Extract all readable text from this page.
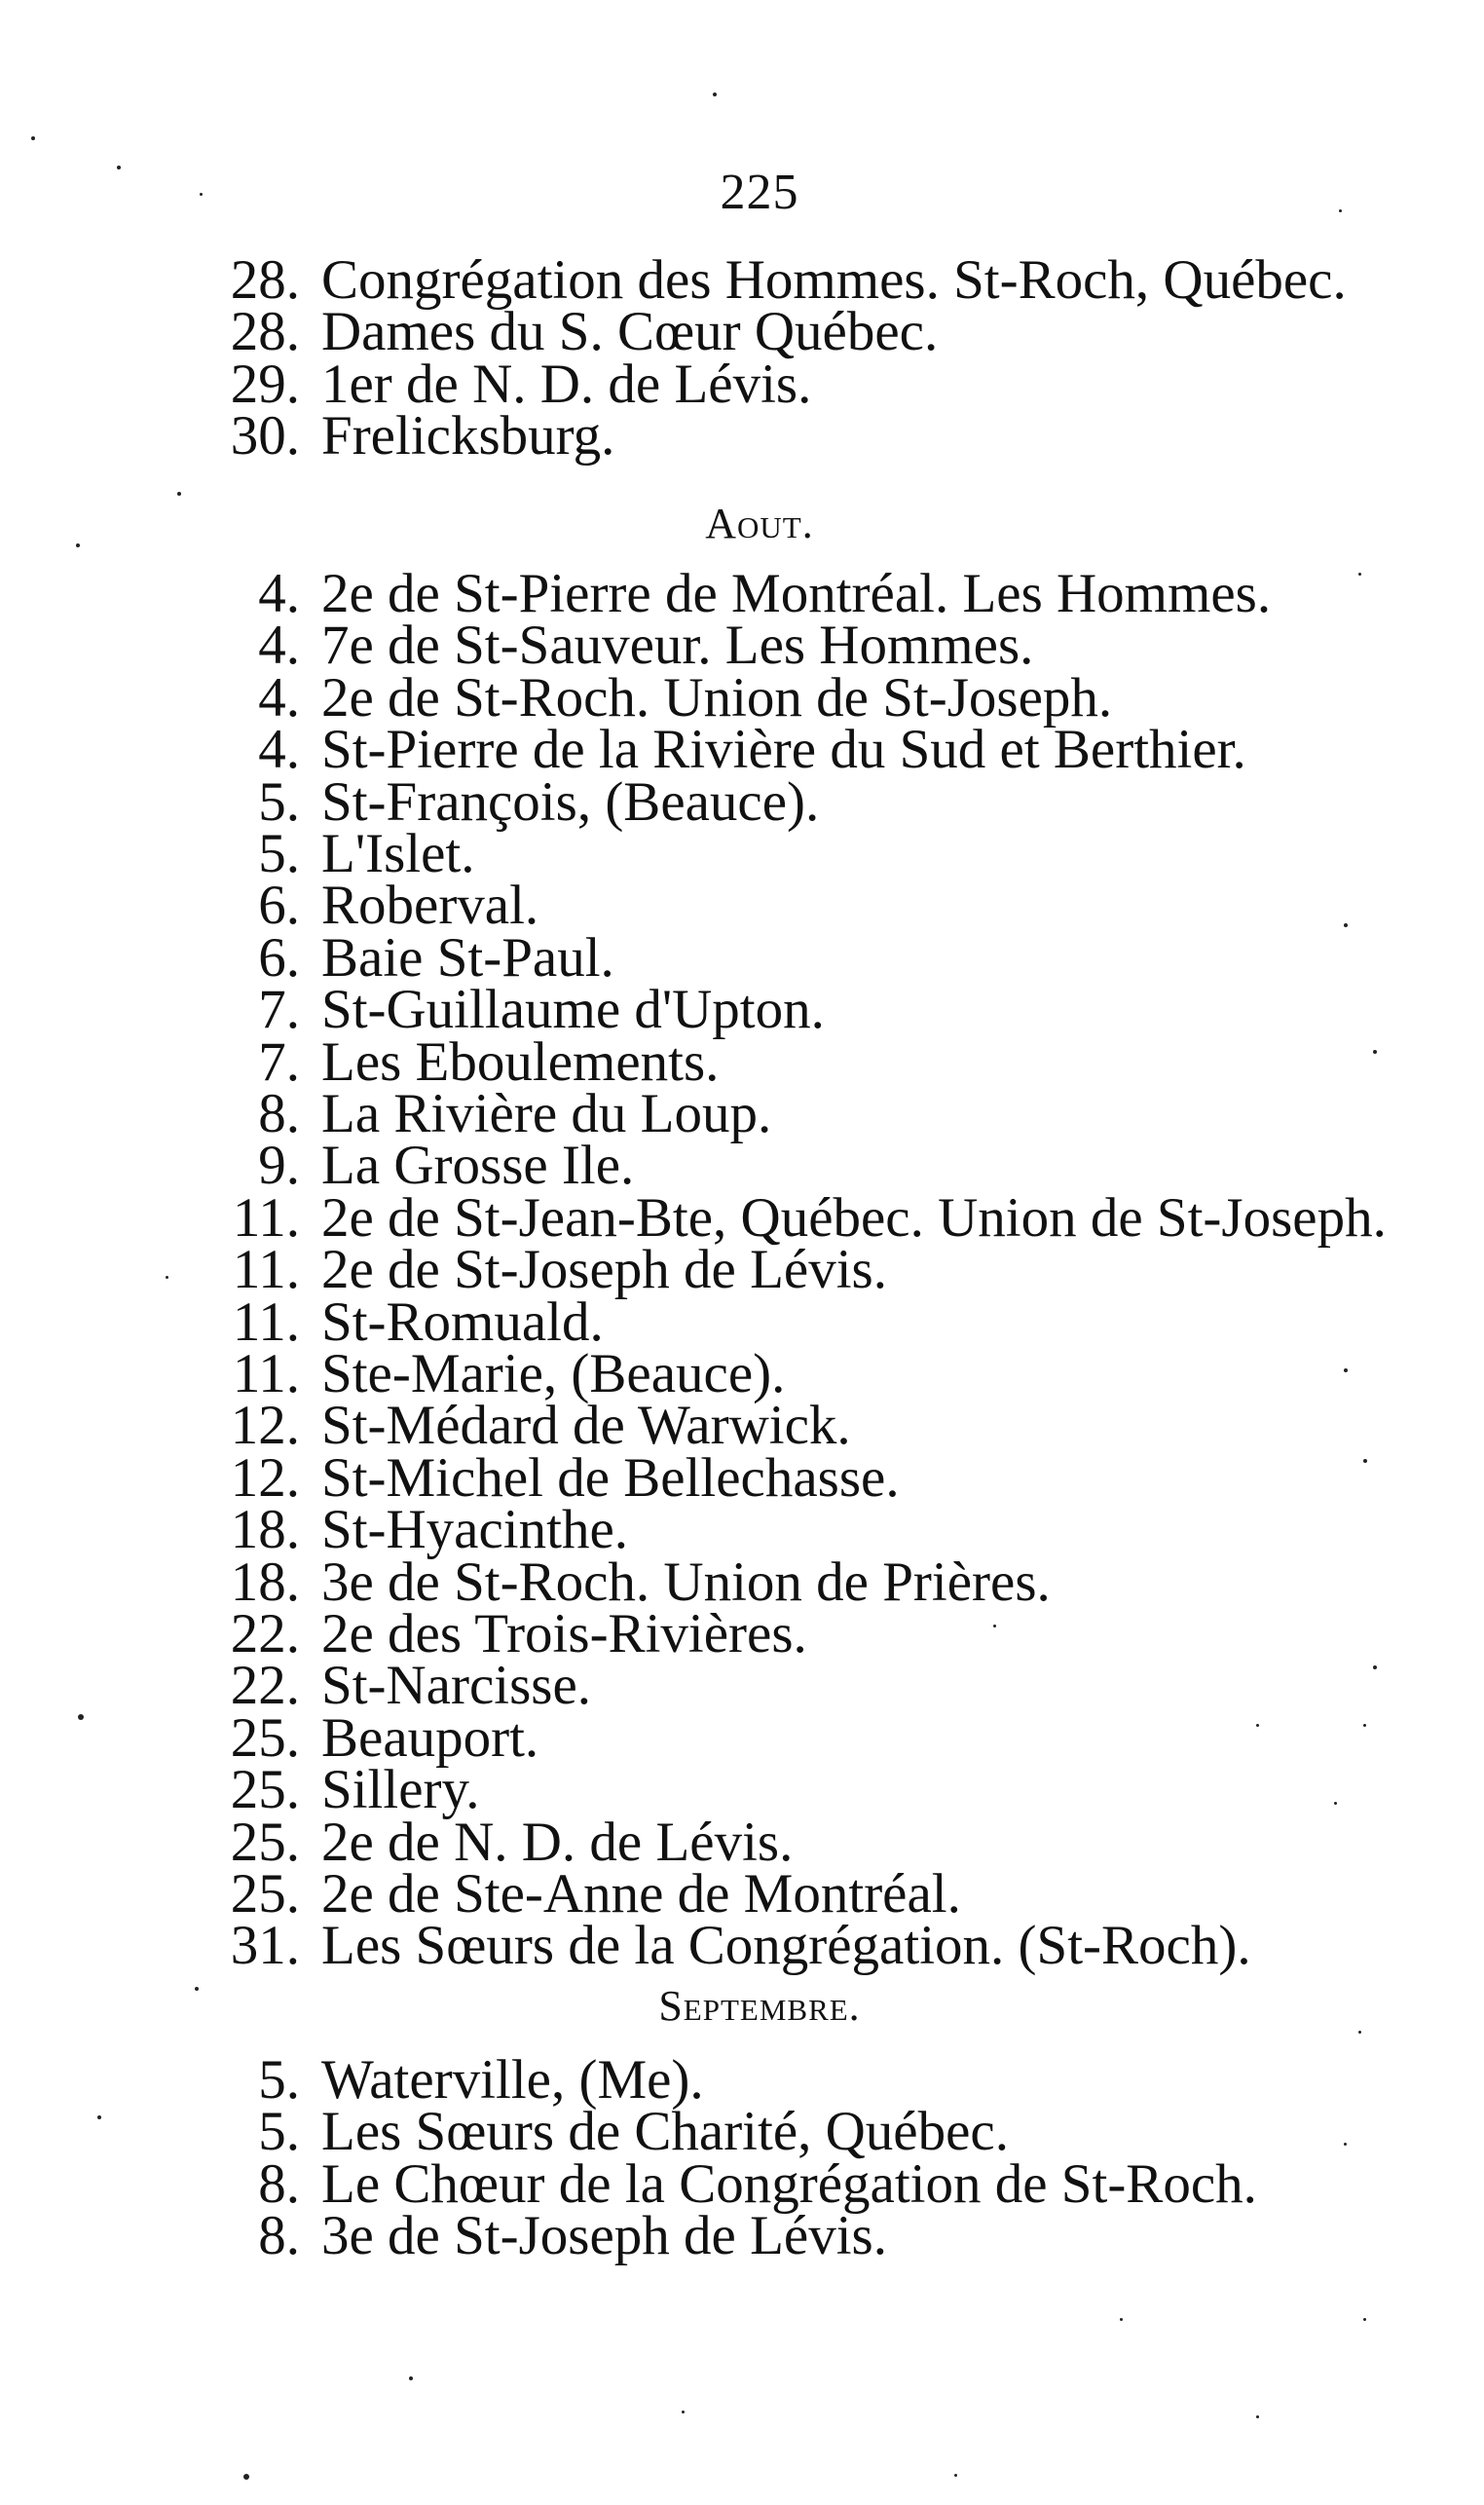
225
28. Congrégation des Hommes. St-Roch, Québec.
28. Dames du S. Cœur Québec.
29. 1er de N. D. de Lévis.
30. Frelicksburg.
Aout.
4. 2e de St-Pierre de Montréal. Les Hommes.
4. 7e de St-Sauveur. Les Hommes.
4. 2e de St-Roch. Union de St-Joseph.
4. St-Pierre de la Rivière du Sud et Berthier.
5. St-François, (Beauce).
5. L'Islet.
6. Roberval.
6. Baie St-Paul.
7. St-Guillaume d'Upton.
7. Les Eboulements.
8. La Rivière du Loup.
9. La Grosse Ile.
11. 2e de St-Jean-Bte, Québec. Union de St-Joseph.
11. 2e de St-Joseph de Lévis.
11. St-Romuald.
11. Ste-Marie, (Beauce).
12. St-Médard de Warwick.
12. St-Michel de Bellechasse.
18. St-Hyacinthe.
18. 3e de St-Roch. Union de Prières.
22. 2e des Trois-Rivières.
22. St-Narcisse.
25. Beauport.
25. Sillery.
25. 2e de N. D. de Lévis.
25. 2e de Ste-Anne de Montréal.
31. Les Sœurs de la Congrégation. (St-Roch).
Septembre.
5. Waterville, (Me).
5. Les Sœurs de Charité, Québec.
8. Le Chœur de la Congrégation de St-Roch.
8. 3e de St-Joseph de Lévis.
